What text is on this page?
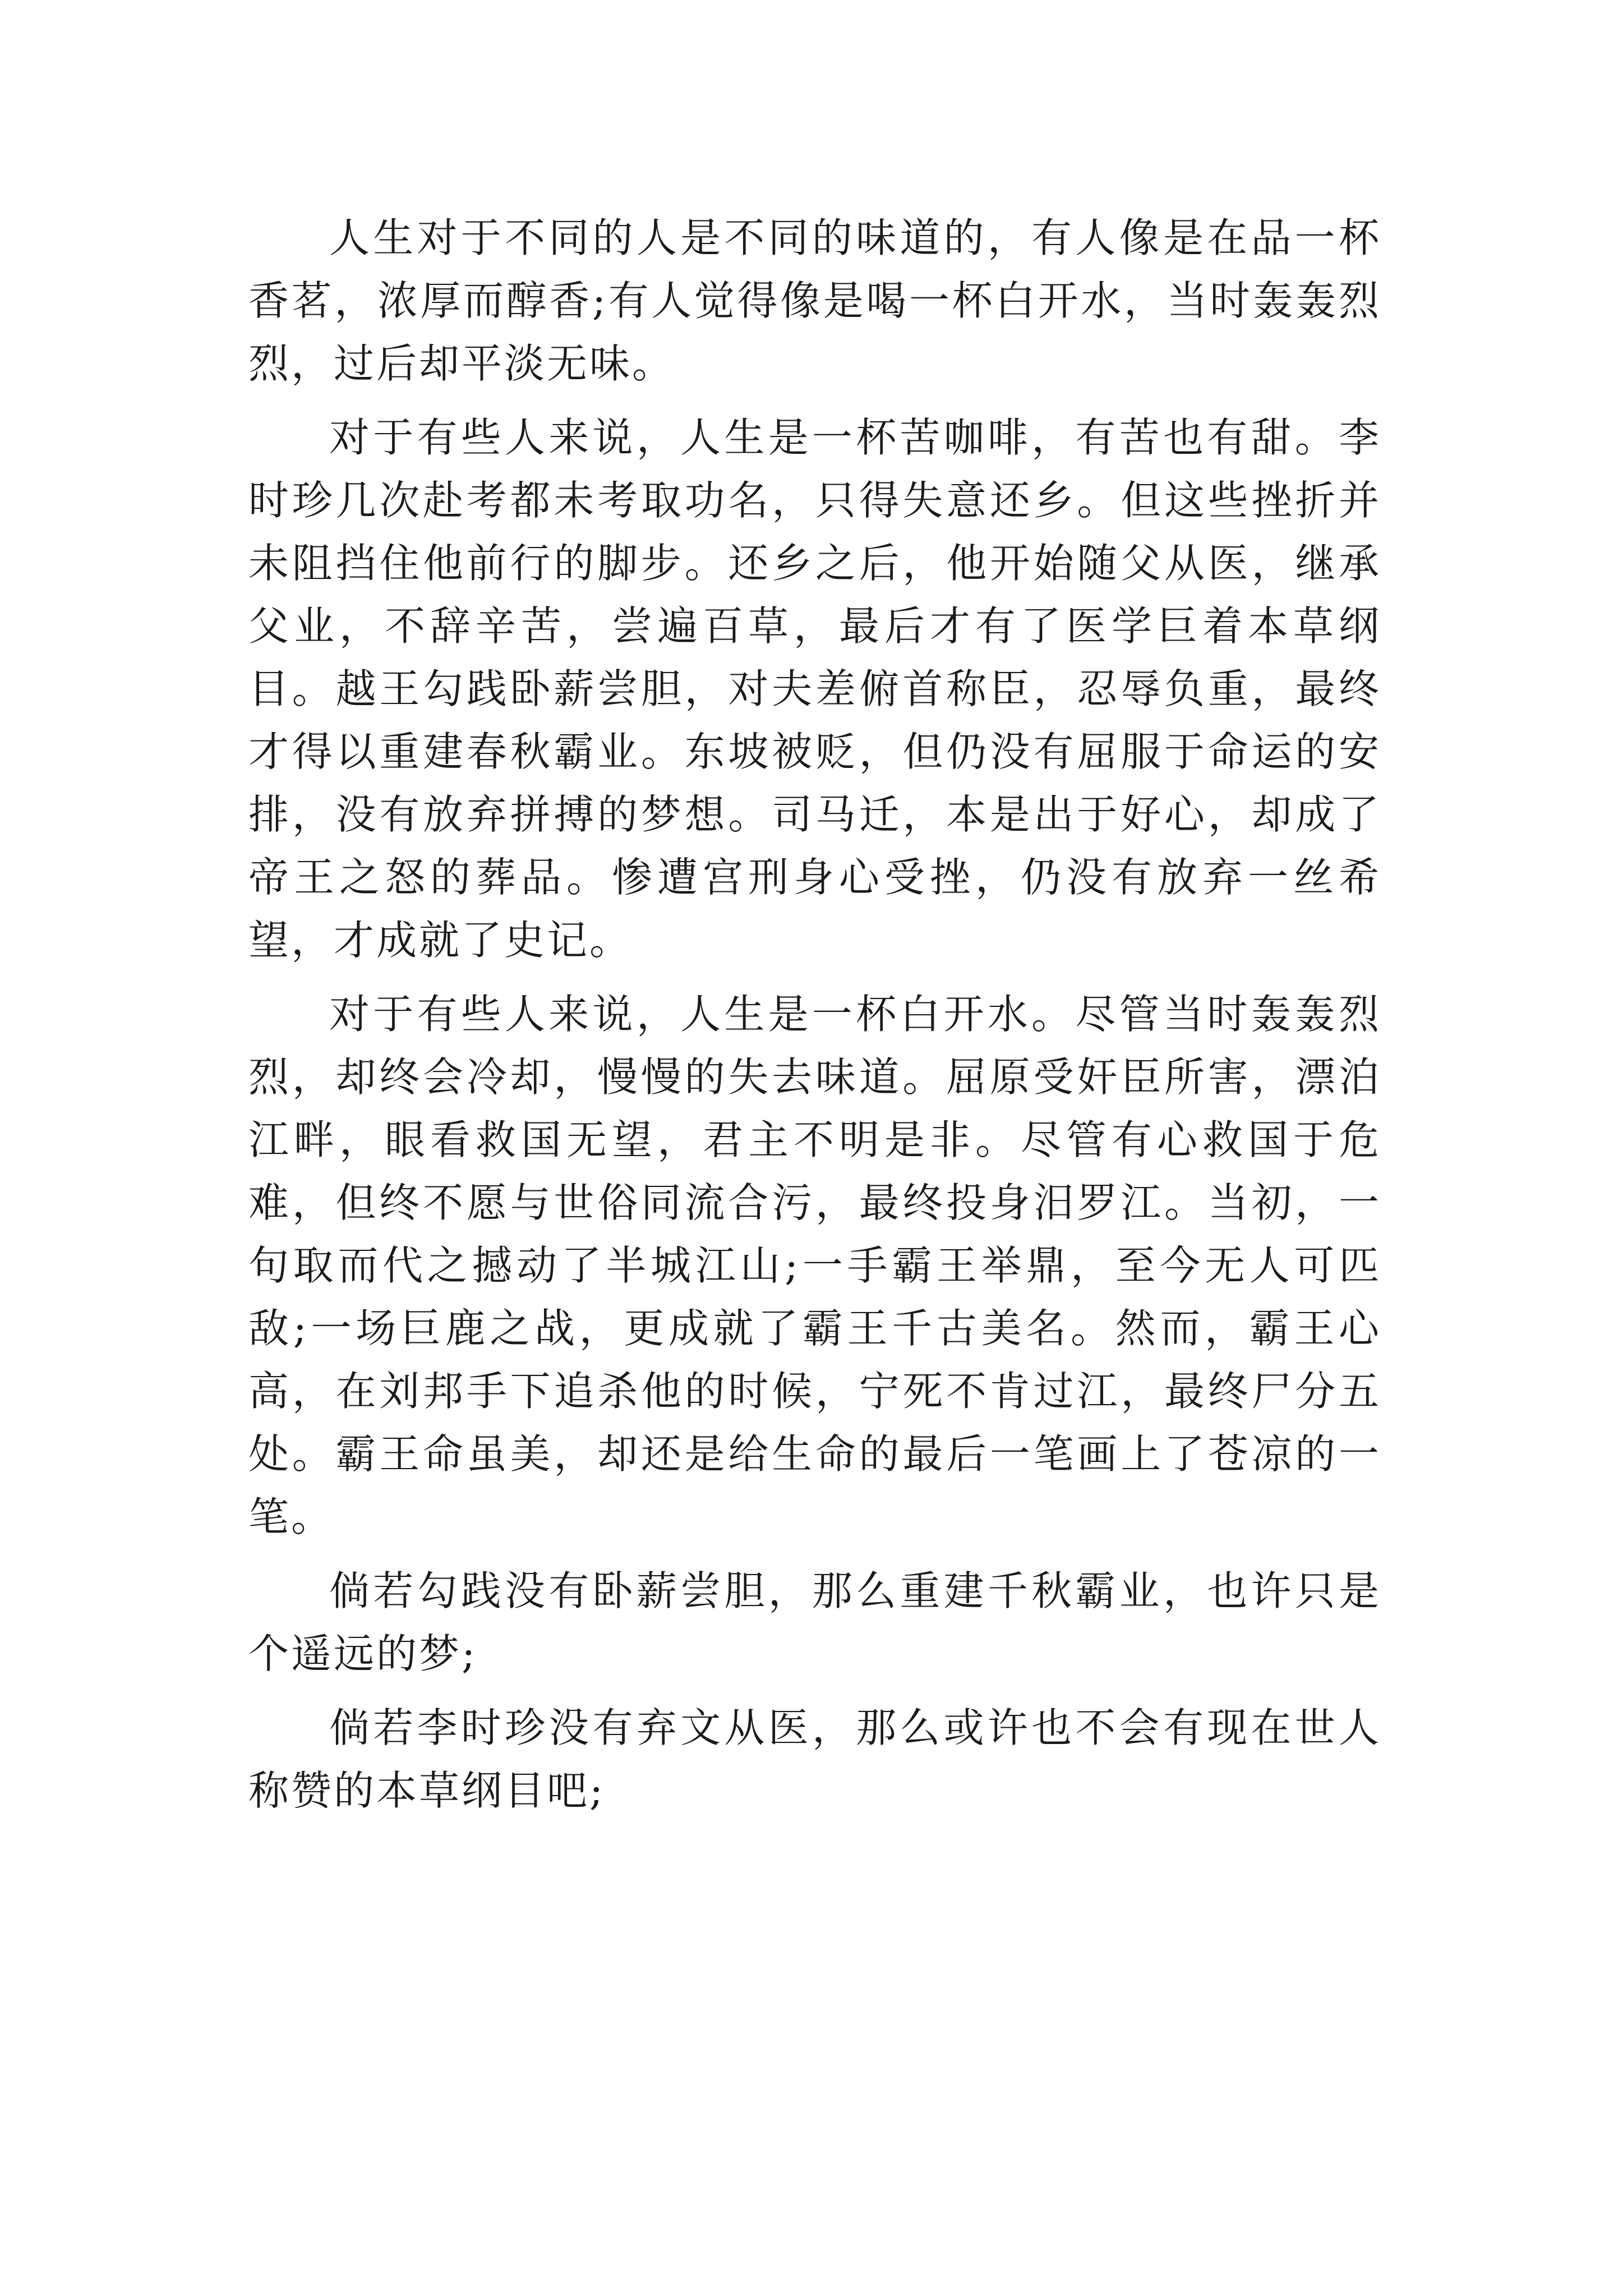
人生对于不同的人是不同的味道的，有人像是在品一杯香茗，浓厚而醇香;有人觉得像是喝一杯白开水，当时轰轰烈烈，过后却平淡无味。

对于有些人来说，人生是一杯苦咖啡，有苦也有甜。李时珍几次赴考都未考取功名，只得失意还乡。但这些挫折并未阻挡住他前行的脚步。还乡之后，他开始随父从医，继承父业，不辞辛苦，尝遍百草，最后才有了医学巨着本草纲目。越王勾践卧薪尝胆，对夫差俯首称臣，忍辱负重，最终才得以重建春秋霸业。东坡被贬，但仍没有屈服于命运的安排，没有放弃拼搏的梦想。司马迁，本是出于好心，却成了帝王之怒的葬品。惨遭宫刑身心受挫，仍没有放弃一丝希望，才成就了史记。

对于有些人来说，人生是一杯白开水。尽管当时轰轰烈烈，却终会冷却，慢慢的失去味道。屈原受奸臣所害，漂泊江畔，眼看救国无望，君主不明是非。尽管有心救国于危难，但终不愿与世俗同流合污，最终投身汨罗江。当初，一句取而代之撼动了半城江山;一手霸王举鼎，至今无人可匹敌;一场巨鹿之战，更成就了霸王千古美名。然而，霸王心高，在刘邦手下追杀他的时候，宁死不肯过江，最终尸分五处。霸王命虽美，却还是给生命的最后一笔画上了苍凉的一笔。

倘若勾践没有卧薪尝胆，那么重建千秋霸业，也许只是个遥远的梦;

倘若李时珍没有弃文从医，那么或许也不会有现在世人称赞的本草纲目吧;
